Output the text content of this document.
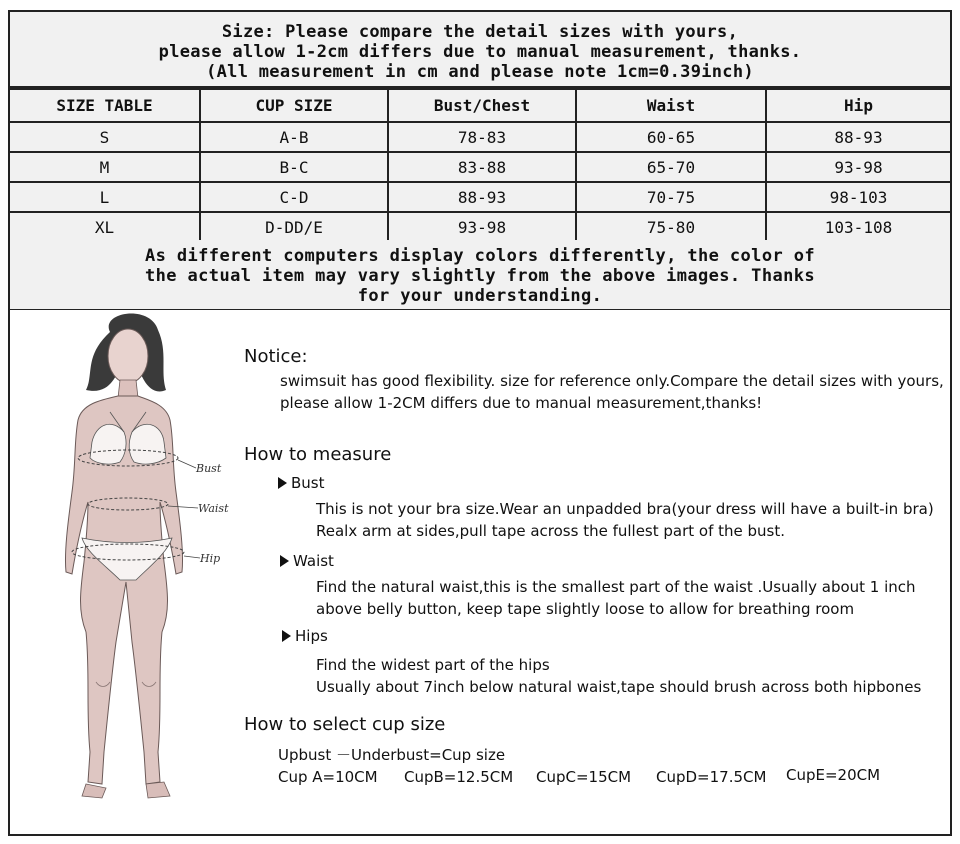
Size: Please compare the detail sizes with yours,
please allow 1-2cm differs due to manual measurement, thanks.
(All measurement in cm and please note 1cm=0.39inch)
SIZE TABLE	CUP SIZE	Bust/Chest	Waist	Hip
S	A-B	78-83	60-65	88-93
M	B-C	83-88	65-70	93-98
L	C-D	88-93	70-75	98-103
XL	D-DD/E	93-98	75-80	103-108
As different computers display colors differently, the color of
the actual item may vary slightly from the above images. Thanks
for your understanding.
Bust
Waist
Hip
Notice:
swimsuit has good flexibility. size for reference only.Compare the detail sizes with yours,
please allow 1-2CM differs due to manual measurement,thanks!
How to measure
Bust
This is not your bra size.Wear an unpadded bra(your dress will have a built-in bra)
Realx arm at sides,pull tape across the fullest part of the bust.
Waist
Find the natural waist,this is the smallest part of the waist .Usually about 1 inch
above belly button, keep tape slightly loose to allow for breathing room
Hips
Find the widest part of the hips
Usually about 7inch below natural waist,tape should brush across both hipbones
How to select cup size
Upbust －Underbust=Cup size
Cup A=10CM CupB=12.5CM CupC=15CM CupD=17.5CM CupE=20CM
